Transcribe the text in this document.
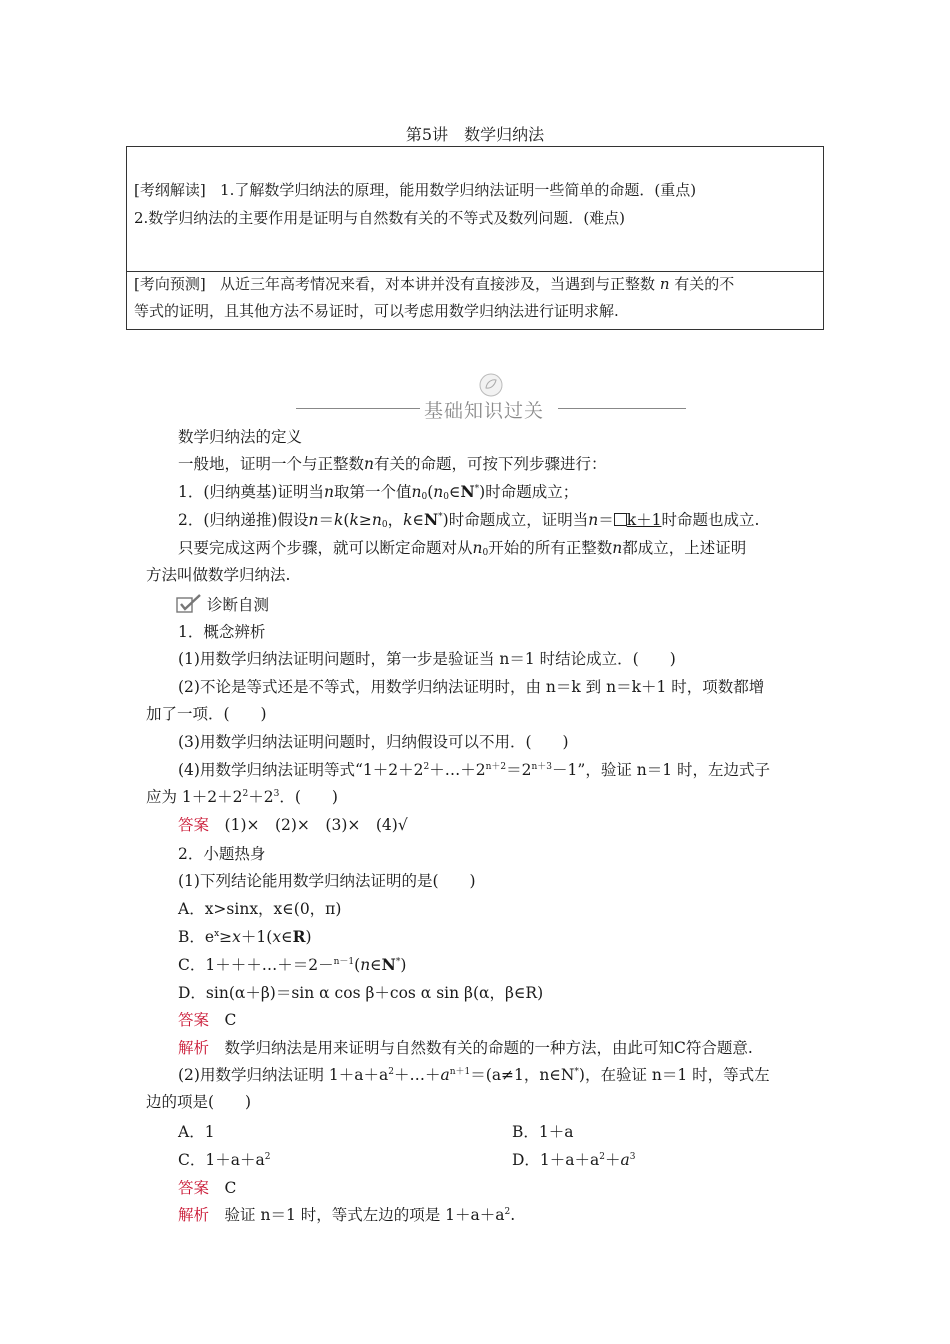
第5讲　数学归纳法
[考纲解读] 1.了解数学归纳法的原理，能用数学归纳法证明一些简单的命题．(重点)
2.数学归纳法的主要作用是证明与自然数有关的不等式及数列问题．(难点)
[考向预测] 从近三年高考情况来看，对本讲并没有直接涉及，当遇到与正整数 n 有关的不
等式的证明，且其他方法不易证时，可以考虑用数学归纳法进行证明求解.
基础知识过关
数学归纳法的定义
一般地，证明一个与正整数n有关的命题，可按下列步骤进行：
1．(归纳奠基)证明当n取第一个值$n_0(n_0\in N^*)$时命题成立；
2．(归纳递推)假设$n=k(k\ge n_0$，k∈N*)时命题成立，证明当n＝ k＋1时命题也成立.
只要完成这两个步骤，就可以断定命题对从$n_0$开始的所有正整数n都成立，上述证明
方法叫做数学归纳法.
诊断自测
1．概念辨析
(1)用数学归纳法证明问题时，第一步是验证当 n＝1 时结论成立．(　　)
(2)不论是等式还是不等式，用数学归纳法证明时，由 n＝k 到 n＝k＋1 时，项数都增
加了一项．(　　)
(3)用数学归纳法证明问题时，归纳假设可以不用．(　　)
(4)用数学归纳法证明等式“$1+2+2^2+\dots+2^{n+2}=2^{n+3}-1$”，验证 n＝1 时，左边式子
应为 $1+2+2^2+2^3$．(　　)
答案　 (1)×　(2)×　(3)×　(4)√
2．小题热身
(1)下列结论能用数学归纳法证明的是(　　)
A．x>sinx，x∈(0，π)
B．$e^x\ge x+1(x\in R)$
C．1＋＋＋…＋＝2－$^{n-1}$(n∈N*)
D．sin(α＋β)＝sin α cos β＋cos α sin β(α，β∈R)
答案　 C
解析　 数学归纳法是用来证明与自然数有关的命题的一种方法，由此可知C符合题意.
(2)用数学归纳法证明 $1+a+a^2+\dots+a^{n+1}=(a\ne 1$，n∈N*)，在验证 n＝1 时，等式左
边的项是(　　)
A．1	B．1＋a
C．$1+a+a^2$	D．$1+a+a^2+a^3$
答案　 C
解析　 验证 n＝1 时，等式左边的项是 $1+a+a^2$.
